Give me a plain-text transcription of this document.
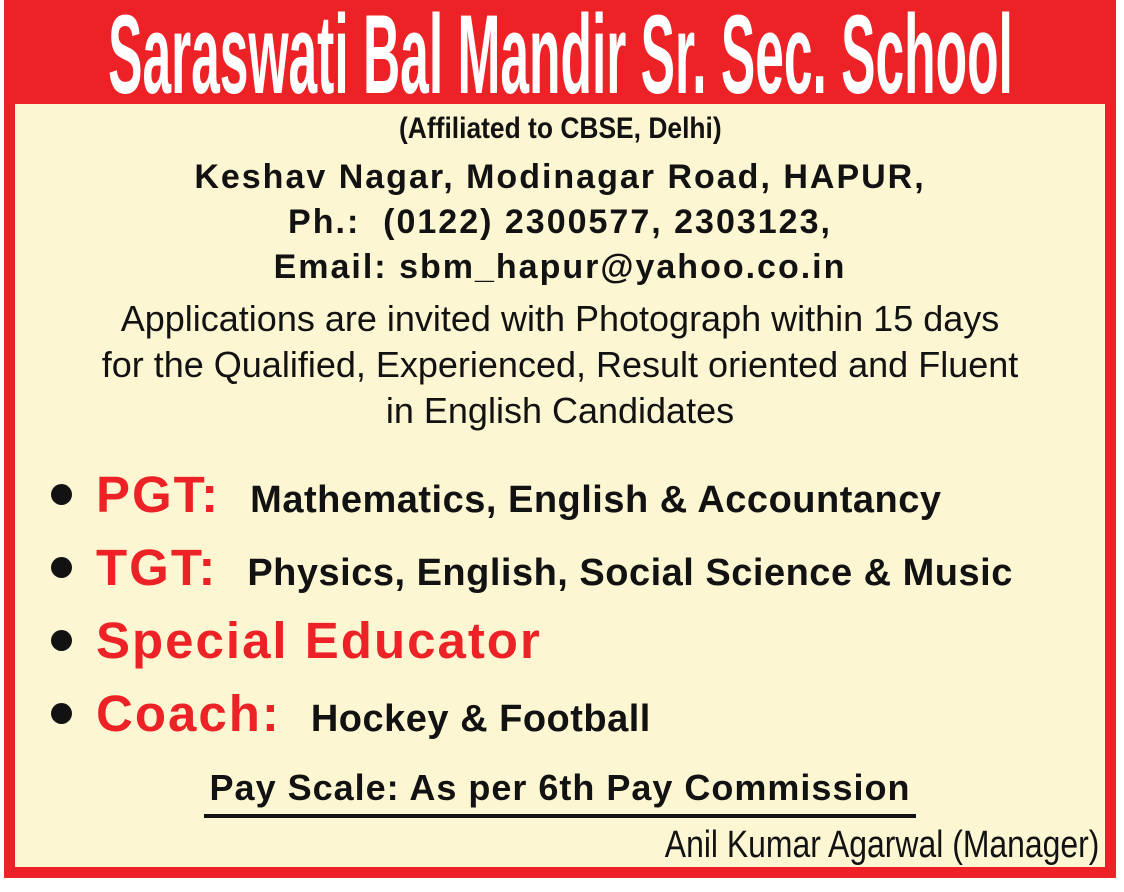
Saraswati Bal Mandir Sr. Sec. School
(Affiliated to CBSE, Delhi)
Keshav Nagar, Modinagar Road, HAPUR,
Ph.:  (0122) 2300577, 2303123,
Email: sbm_hapur@yahoo.co.in
Applications are invited with Photograph within 15 days
for the Qualified, Experienced, Result oriented and Fluent
in English Candidates
PGT: Mathematics, English & Accountancy
TGT: Physics, English, Social Science & Music
Special Educator
Coach: Hockey & Football
Pay Scale: As per 6th Pay Commission
Anil Kumar Agarwal (Manager)
